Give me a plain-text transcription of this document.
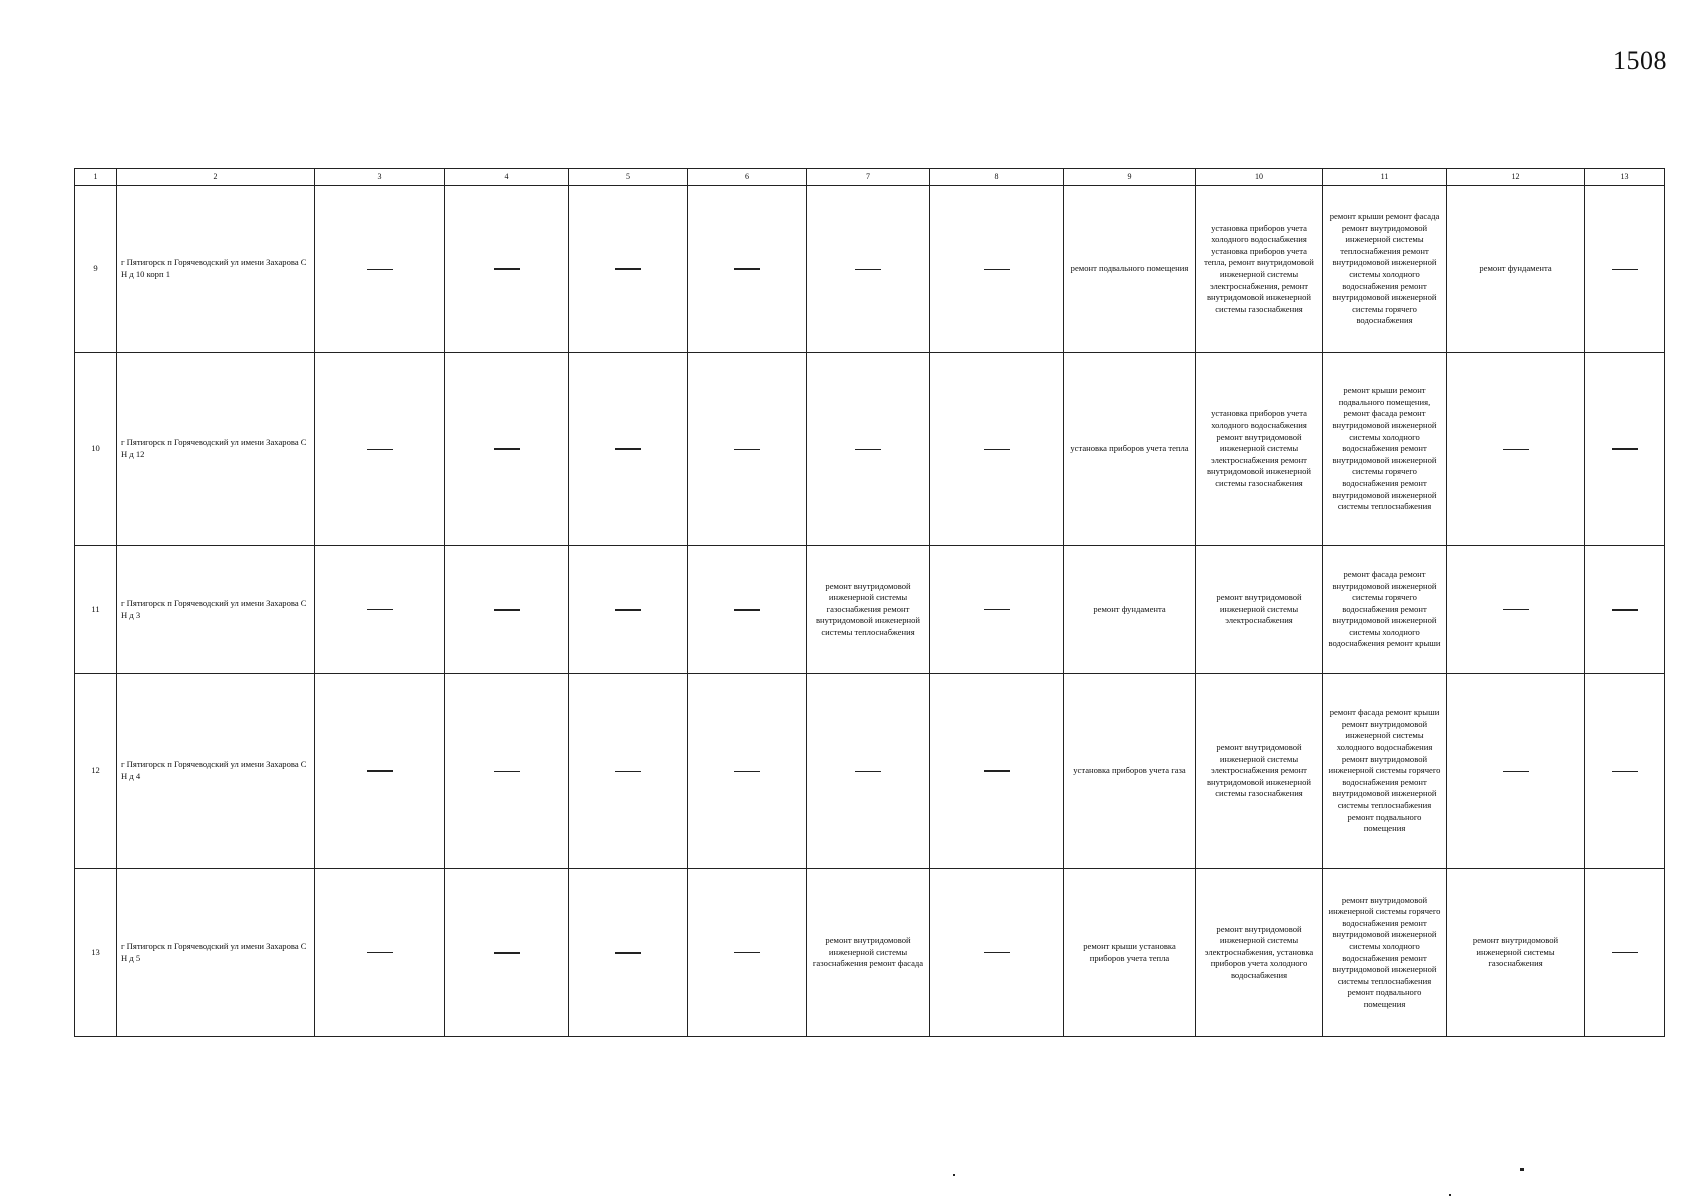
1508
1	2	3	4	5	6	7	8	9	10	11	12	13
9	г Пятигорск п Горячеводский ул имени Захарова С Н д 10 корп 1							ремонт подвального помещения	установка приборов учета холодного водоснабжения установка приборов учета тепла, ремонт внутридомовой инженерной системы электроснабжения, ремонт внутридомовой инженерной системы газоснабжения	ремонт крыши ремонт фасада ремонт внутридомовой инженерной системы теплоснабжения ремонт внутридомовой инженерной системы холодного водоснабжения ремонт внутридомовой инженерной системы горячего водоснабжения	ремонт фундамента	
10	г Пятигорск п Горячеводский ул имени Захарова С Н д 12							установка приборов учета тепла	установка приборов учета холодного водоснабжения ремонт внутридомовой инженерной системы электроснабжения ремонт внутридомовой инженерной системы газоснабжения	ремонт крыши ремонт подвального помещения, ремонт фасада ремонт внутридомовой инженерной системы холодного водоснабжения ремонт внутридомовой инженерной системы горячего водоснабжения ремонт внутридомовой инженерной системы теплоснабжения		
11	г Пятигорск п Горячеводский ул имени Захарова С Н д 3					ремонт внутридомовой инженерной системы газоснабжения ремонт внутридомовой инженерной системы теплоснабжения		ремонт фундамента	ремонт внутридомовой инженерной системы электроснабжения	ремонт фасада ремонт внутридомовой инженерной системы горячего водоснабжения ремонт внутридомовой инженерной системы холодного водоснабжения ремонт крыши		
12	г Пятигорск п Горячеводский ул имени Захарова С Н д 4							установка приборов учета газа	ремонт внутридомовой инженерной системы электроснабжения ремонт внутридомовой инженерной системы газоснабжения	ремонт фасада ремонт крыши ремонт внутридомовой инженерной системы холодного водоснабжения ремонт внутридомовой инженерной системы горячего водоснабжения ремонт внутридомовой инженерной системы теплоснабжения ремонт подвального помещения		
13	г Пятигорск п Горячеводский ул имени Захарова С Н д 5					ремонт внутридомовой инженерной системы газоснабжения ремонт фасада		ремонт крыши установка приборов учета тепла	ремонт внутридомовой инженерной системы электроснабжения, установка приборов учета холодного водоснабжения	ремонт внутридомовой инженерной системы горячего водоснабжения ремонт внутридомовой инженерной системы холодного водоснабжения ремонт внутридомовой инженерной системы теплоснабжения ремонт подвального помещения	ремонт внутридомовой инженерной системы газоснабжения	
